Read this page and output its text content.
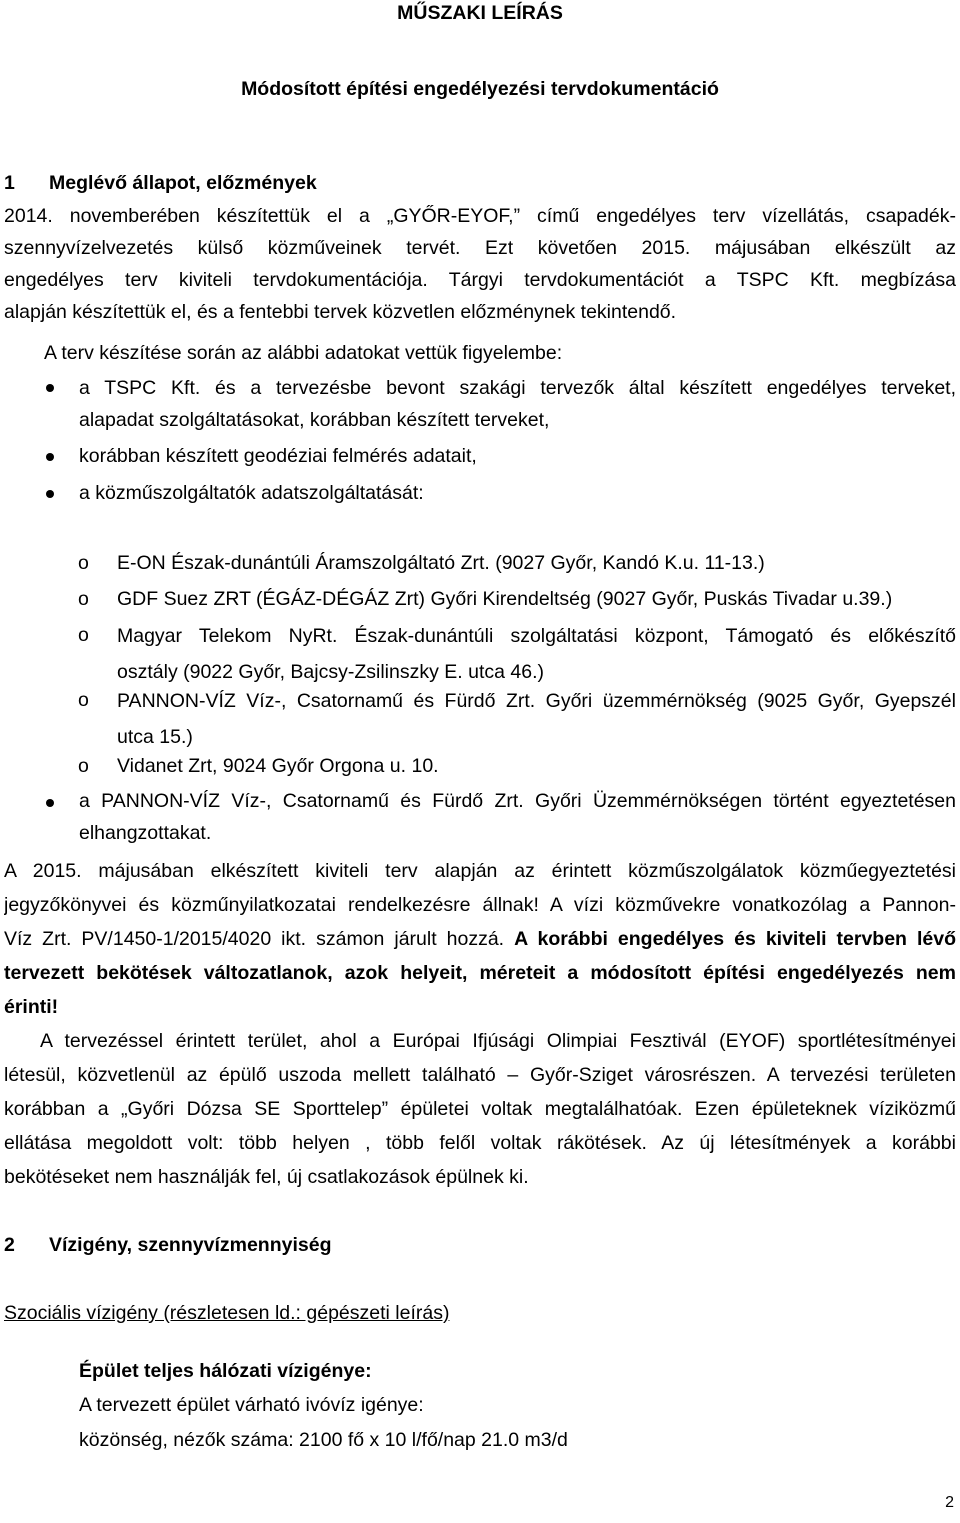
MŰSZAKI LEÍRÁS
Módosított építési engedélyezési tervdokumentáció
1 Meglévő állapot, előzmények
2014. novemberében készítettük el a „GYŐR-EYOF,” című engedélyes terv vízellátás, csapadék-
szennyvízelvezetés külső közműveinek tervét. Ezt követően 2015. májusában elkészült az
engedélyes terv kiviteli tervdokumentációja. Tárgyi tervdokumentációt a TSPC Kft. megbízása
alapján készítettük el, és a fentebbi tervek közvetlen előzménynek tekintendő.
A terv készítése során az alábbi adatokat vettük figyelembe:
a TSPC Kft. és a tervezésbe bevont szakági tervezők által készített engedélyes terveket,
alapadat szolgáltatásokat, korábban készített terveket,
korábban készített geodéziai felmérés adatait,
a közműszolgáltatók adatszolgáltatását:
o E-ON Észak-dunántúli Áramszolgáltató Zrt. (9027 Győr, Kandó K.u. 11-13.)
o GDF Suez ZRT (ÉGÁZ-DÉGÁZ Zrt) Győri Kirendeltség (9027 Győr, Puskás Tivadar u.39.)
o Magyar Telekom NyRt. Észak-dunántúli szolgáltatási központ, Támogató és előkészítő
osztály (9022 Győr, Bajcsy-Zsilinszky E. utca 46.)
o PANNON-VÍZ Víz-, Csatornamű és Fürdő Zrt. Győri üzemmérnökség (9025 Győr, Gyepszél
utca 15.)
o Vidanet Zrt, 9024 Győr Orgona u. 10.
a PANNON-VÍZ Víz-, Csatornamű és Fürdő Zrt. Győri Üzemmérnökségen történt egyeztetésen
elhangzottakat.
A 2015. májusában elkészített kiviteli terv alapján az érintett közműszolgálatok közműegyeztetési
jegyzőkönyvei és közműnyilatkozatai rendelkezésre állnak! A vízi közművekre vonatkozólag a Pannon-
Víz Zrt. PV/1450-1/2015/4020 ikt. számon járult hozzá. A korábbi engedélyes és kiviteli tervben lévő
tervezett bekötések változatlanok, azok helyeit, méreteit a módosított építési engedélyezés nem
érinti!
A tervezéssel érintett terület, ahol a Európai Ifjúsági Olimpiai Fesztivál (EYOF) sportlétesítményei
létesül, közvetlenül az épülő uszoda mellett található – Győr-Sziget városrészen. A tervezési területen
korábban a „Győri Dózsa SE Sporttelep” épületei voltak megtalálhatóak. Ezen épületeknek víziközmű
ellátása megoldott volt: több helyen , több felől voltak rákötések. Az új létesítmények a korábbi
bekötéseket nem használják fel, új csatlakozások épülnek ki.
2 Vízigény, szennyvízmennyiség
Szociális vízigény (részletesen ld.: gépészeti leírás)
Épület teljes hálózati vízigénye:
A tervezett épület várható ivóvíz igénye:
közönség, nézők száma: 2100 fő x 10 l/fő/nap 21.0 m3/d
2
